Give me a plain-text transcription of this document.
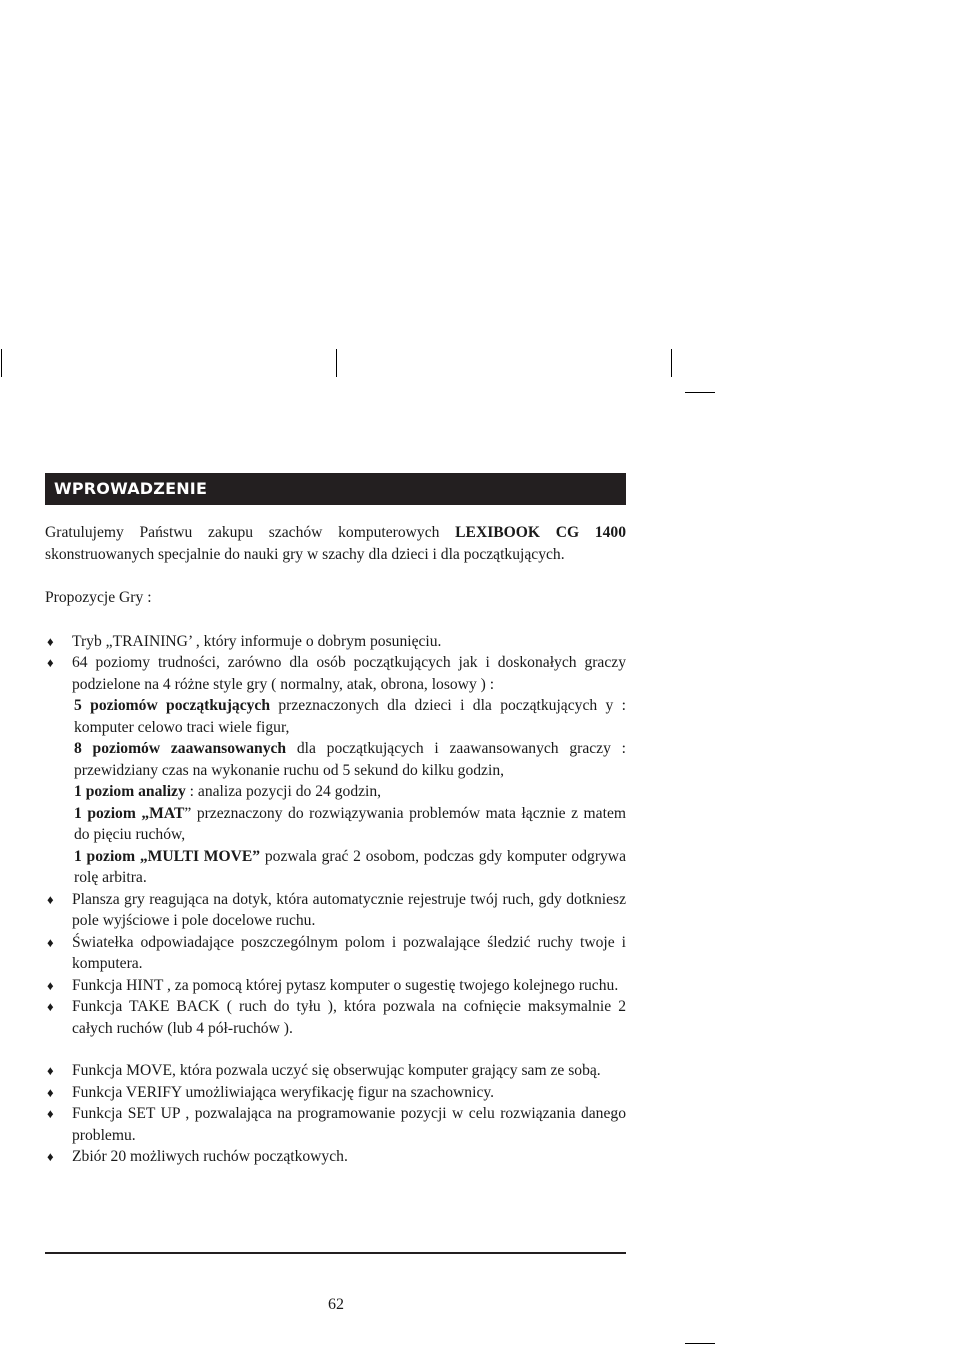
WPROWADZENIE

Gratulujemy Państwu zakupu szachów komputerowych LEXIBOOK CG 1400 skonstruowanych specjalnie do nauki gry w szachy dla dzieci i dla początkujących.

Propozycje Gry :

♦ Tryb „TRAINING’ , który informuje o dobrym posunięciu.

♦ 64 poziomy trudności, zarówno dla osób początkujących jak i doskonałych graczy podzielone na 4 różne style gry ( normalny, atak, obrona, losowy ) :

5 poziomów początkujących przeznaczonych dla dzieci i dla początkujących y : komputer celowo traci wiele figur,

8 poziomów zaawansowanych dla początkujących i zaawansowanych graczy : przewidziany czas na wykonanie ruchu od 5 sekund do kilku godzin,

1 poziom analizy : analiza pozycji do 24 godzin,

1 poziom „MAT” przeznaczony do rozwiązywania problemów mata łącznie z matem do pięciu ruchów,

1 poziom „MULTI MOVE” pozwala grać 2 osobom, podczas gdy komputer odgrywa rolę arbitra.

♦ Plansza gry reagująca na dotyk, która automatycznie rejestruje twój ruch, gdy dotkniesz pole wyjściowe i pole docelowe ruchu.

♦ Światełka odpowiadające poszczególnym polom i pozwalające śledzić ruchy twoje i komputera.

♦ Funkcja HINT , za pomocą której pytasz komputer o sugestię twojego kolejnego ruchu.

♦ Funkcja TAKE BACK ( ruch do tyłu ), która pozwala na cofnięcie maksymalnie 2 całych ruchów (lub 4 pół-ruchów ).

♦ Funkcja MOVE, która pozwala uczyć się obserwując komputer grający sam ze sobą.

♦ Funkcja VERIFY umożliwiająca weryfikację figur na szachownicy.

♦ Funkcja SET UP , pozwalająca na programowanie pozycji w celu rozwiązania danego problemu.

♦ Zbiór 20 możliwych ruchów początkowych.

62
